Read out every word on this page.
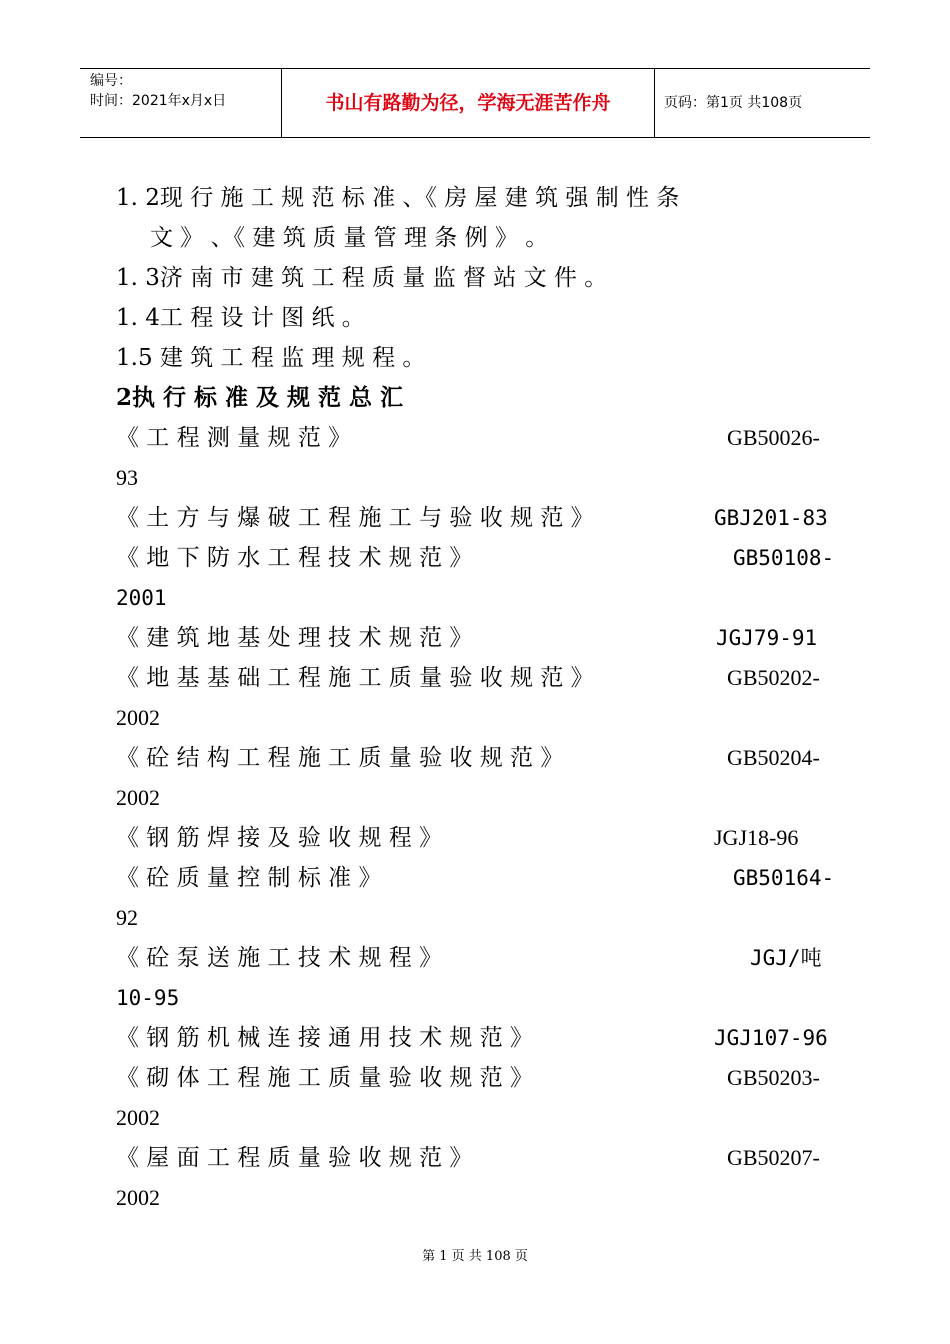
编号：
时间：2021年x月x日	书山有路勤为径，学海无涯苦作舟	页码：第1页 共108页
1. 2现 行 施 工 规 范 标 准 、《 房 屋 建 筑 强 制 性 条
文 》 、《 建 筑 质 量 管 理 条 例 》 。
1. 3济 南 市 建 筑 工 程 质 量 监 督 站 文 件 。
1. 4工 程 设 计 图 纸 。
1.5 建 筑 工 程 监 理 规 程 。
2执 行 标 准 及 规 范 总 汇
《 工 程 测 量 规 范 》	GB50026-
93
《 土 方 与 爆 破 工 程 施 工 与 验 收 规 范 》	GBJ201-83
《 地 下 防 水 工 程 技 术 规 范 》	GB50108-
2001
《 建 筑 地 基 处 理 技 术 规 范 》	JGJ79-91
《 地 基 基 础 工 程 施 工 质 量 验 收 规 范 》	GB50202-
2002
《 砼 结 构 工 程 施 工 质 量 验 收 规 范 》	GB50204-
2002
《 钢 筋 焊 接 及 验 收 规 程 》	JGJ18-96
《 砼 质 量 控 制 标 准 》	GB50164-
92
《 砼 泵 送 施 工 技 术 规 程 》	JGJ/吨
10-95
《 钢 筋 机 械 连 接 通 用 技 术 规 范 》	JGJ107-96
《 砌 体 工 程 施 工 质 量 验 收 规 范 》	GB50203-
2002
《 屋 面 工 程 质 量 验 收 规 范 》	GB50207-
2002
第 1 页 共 108 页
